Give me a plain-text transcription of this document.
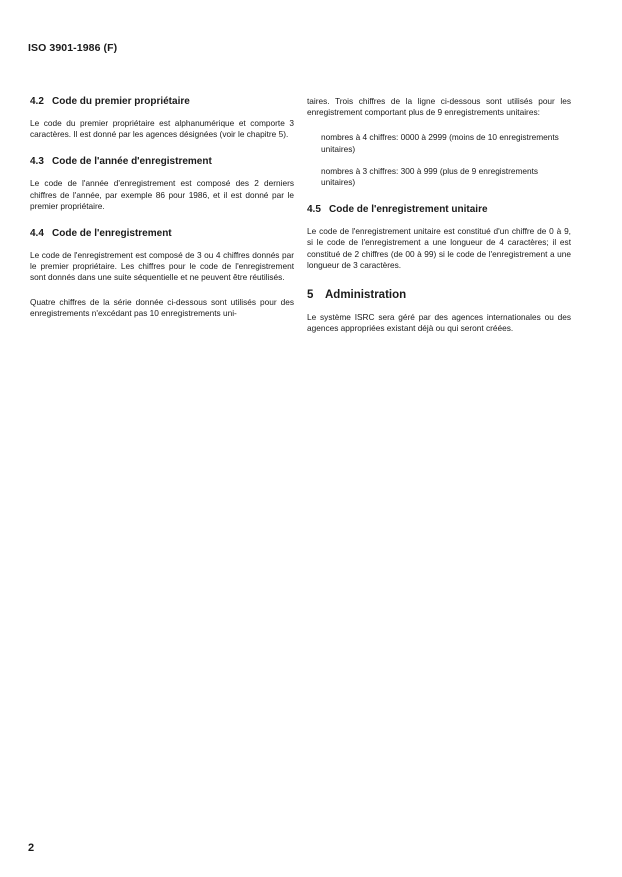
ISO 3901-1986 (F)
4.2 Code du premier propriétaire

Le code du premier propriétaire est alphanumérique et comporte 3 caractères. Il est donné par les agences désignées (voir le chapitre 5).

4.3 Code de l'année d'enregistrement

Le code de l'année d'enregistrement est composé des 2 derniers chiffres de l'année, par exemple 86 pour 1986, et il est donné par le premier propriétaire.

4.4 Code de l'enregistrement

Le code de l'enregistrement est composé de 3 ou 4 chiffres donnés par le premier propriétaire. Les chiffres pour le code de l'enregistrement sont donnés dans une suite séquentielle et ne peuvent être réutilisés.

Quatre chiffres de la série donnée ci-dessous sont utilisés pour des enregistrements n'excédant pas 10 enregistrements uni-

taires. Trois chiffres de la ligne ci-dessous sont utilisés pour les enregistrement comportant plus de 9 enregistrements unitaires:

nombres à 4 chiffres: 0000 à 2999 (moins de 10 enregistrements unitaires)

nombres à 3 chiffres: 300 à 999 (plus de 9 enregistrements unitaires)

4.5 Code de l'enregistrement unitaire

Le code de l'enregistrement unitaire est constitué d'un chiffre de 0 à 9, si le code de l'enregistrement a une longueur de 4 caractères; il est constitué de 2 chiffres (de 00 à 99) si le code de l'enregistrement a une longueur de 3 caractères.

5 Administration

Le système ISRC sera géré par des agences internationales ou des agences appropriées existant déjà ou qui seront créées.

2
